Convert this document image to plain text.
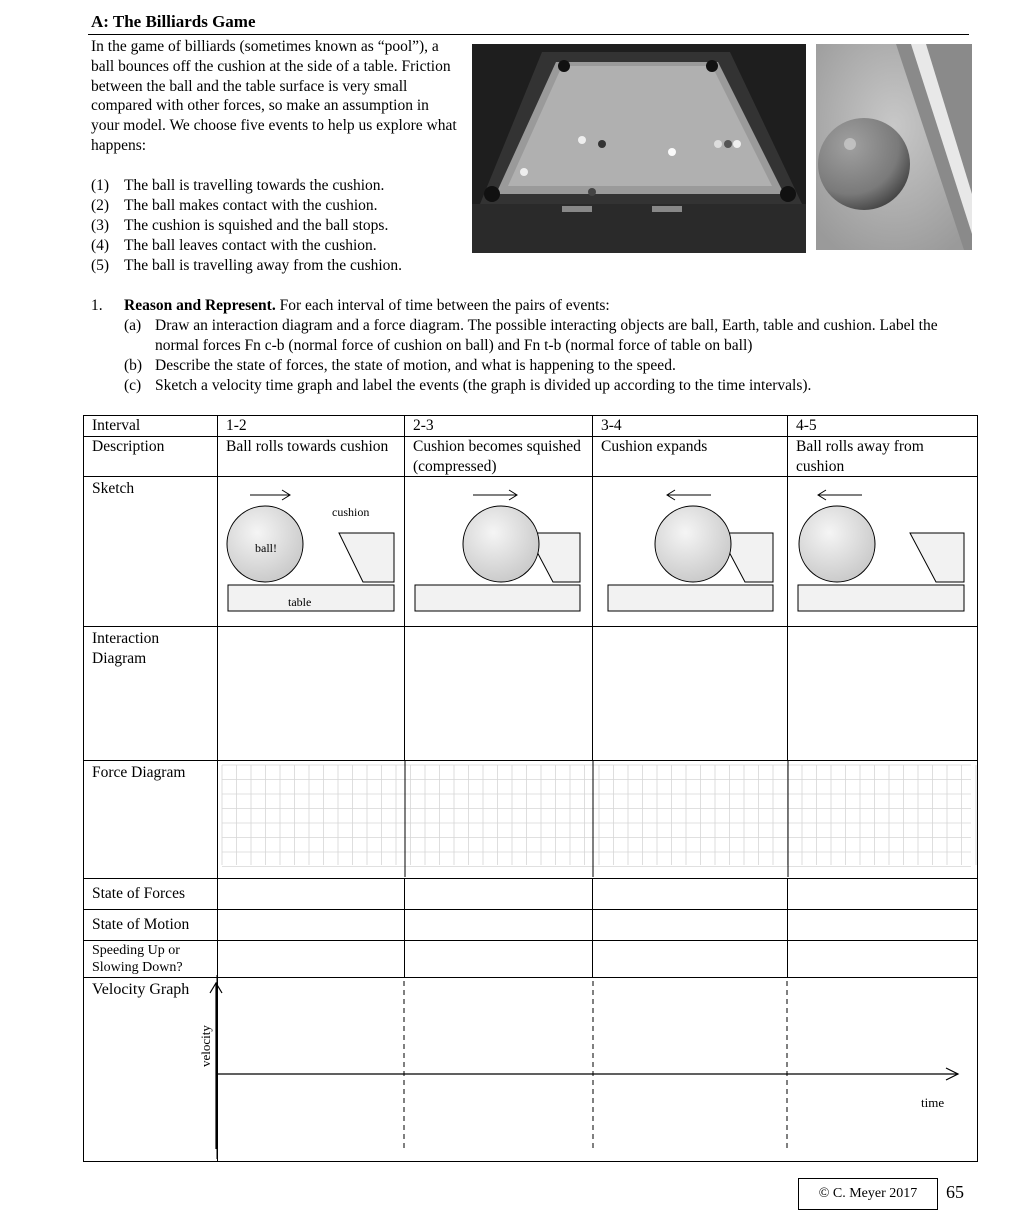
A: The Billiards Game

In the game of billiards (sometimes known as “pool”), a ball bounces off the cushion at the side of a table. Friction between the ball and the table surface is very small compared with other forces, so make an assumption in your model. We choose five events to help us explore what happens:

(1) The ball is travelling towards the cushion.
(2) The ball makes contact with the cushion.
(3) The cushion is squished and the ball stops.
(4) The ball leaves contact with the cushion.
(5) The ball is travelling away from the cushion.
1. Reason and Represent. For each interval of time between the pairs of events:
(a) Draw an interaction diagram and a force diagram. The possible interacting objects are ball, Earth, table and cushion. Label the normal forces Fn c-b (normal force of cushion on ball) and Fn t-b (normal force of table on ball)
(b) Describe the state of forces, the state of motion, and what is happening to the speed.
(c) Sketch a velocity time graph and label the events (the graph is divided up according to the time intervals).
Interval	1-2	2-3	3-4	4-5
Description	Ball rolls towards cushion	Cushion becomes squished (compressed)	Cushion expands	Ball rolls away from cushion
Sketch	cushion
ball!
table

Interaction Diagram				
Force Diagram	

State of Forces				
State of Motion				
Speeding Up or Slowing Down?				
Velocity Graph	
velocity
time
© C. Meyer 2017	65
